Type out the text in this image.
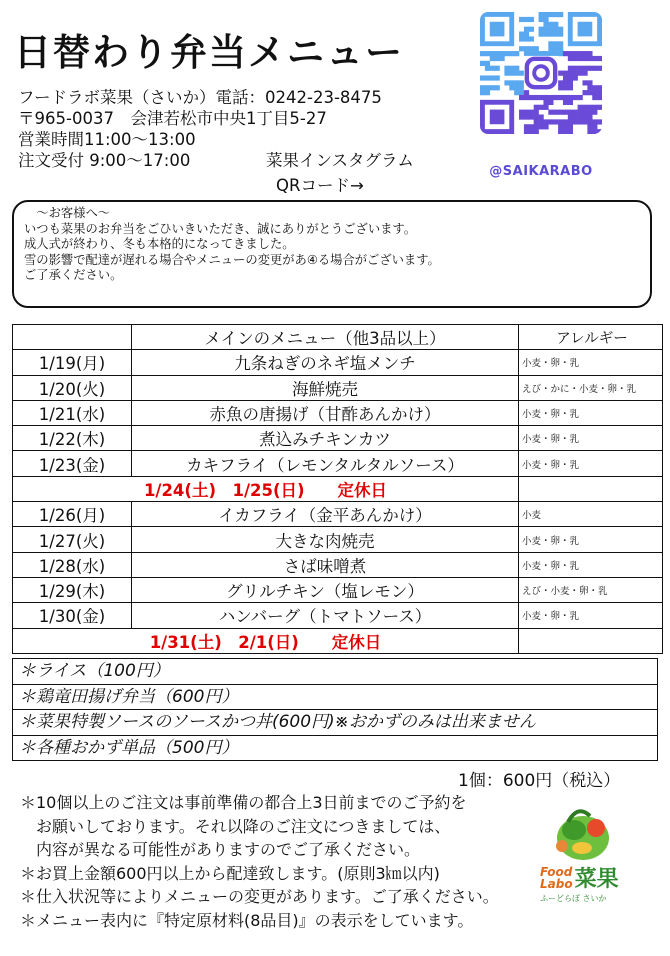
日替わり弁当メニュー
フードラボ菜果（さいか）電話：0242-23-8475
〒965-0037　会津若松市中央1丁目5-27
営業時間11:00～13:00
注文受付 9:00～17:00	菜果インスタグラム
QRコード→
@SAIKARABO
　～お客様へ～
いつも菜果のお弁当をごひいきいただき、誠にありがとうございます。
成人式が終わり、冬も本格的になってきました。
雪の影響で配達が遅れる場合やメニューの変更があ④る場合がございます。
ご了承ください。
	メインのメニュー（他3品以上）	アレルギー
1/19(月)	九条ねぎのネギ塩メンチ	小麦・卵・乳
1/20(火)	海鮮焼売	えび・かに・小麦・卵・乳
1/21(水)	赤魚の唐揚げ（甘酢あんかけ）	小麦・卵・乳
1/22(木)	煮込みチキンカツ	小麦・卵・乳
1/23(金)	カキフライ（レモンタルタルソース）	小麦・卵・乳
1/24(土)　1/25(日)　　定休日		
1/26(月)	イカフライ（金平あんかけ）	小麦
1/27(火)	大きな肉焼売	小麦・卵・乳
1/28(水)	さば味噌煮	小麦・卵・乳
1/29(木)	グリルチキン（塩レモン）	えび・小麦・卵・乳
1/30(金)	ハンバーグ（トマトソース）	小麦・卵・乳
1/31(土)　2/1(日)　　定休日		
＊ライス（100円）
＊鶏竜田揚げ弁当（600円）
＊菜果特製ソースのソースかつ丼(600円)※おかずのみは出来ません
＊各種おかず単品（500円）
1個：600円（税込）
＊10個以上のご注文は事前準備の都合上3日前までのご予約を
　お願いしております。それ以降のご注文につきましては、
　内容が異なる可能性がありますのでご了承ください。
＊お買上金額600円以上から配達致します。(原則3㎞以内)
＊仕入状況等によりメニューの変更があります。ご了承ください。
＊メニュー表内に『特定原材料(8品目)』の表示をしています。
Food
Labo 菜果
ふーどらぼ さいか
